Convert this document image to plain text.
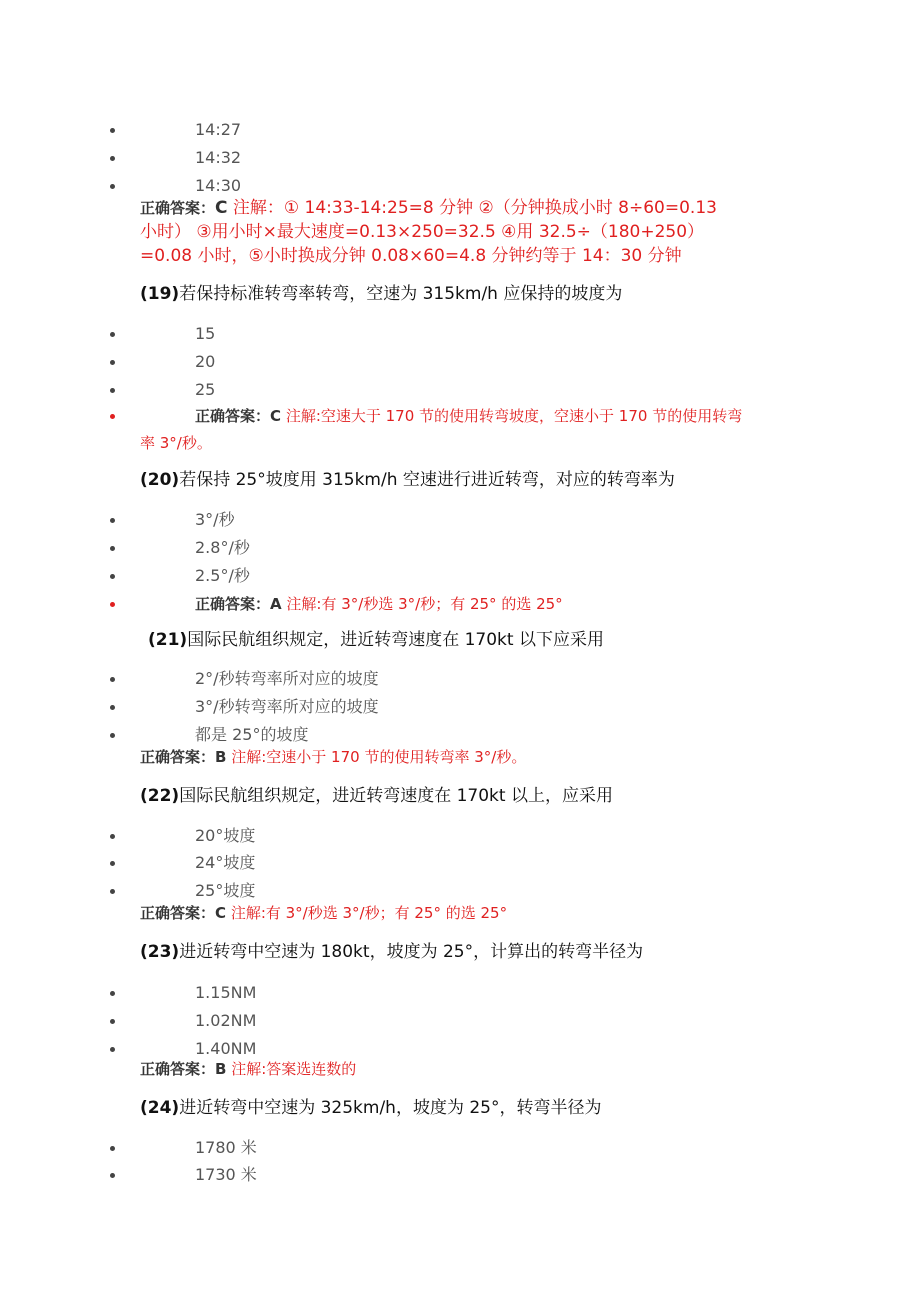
14:27
14:32
14:30
正确答案：C 注解：① 14:33-14:25=8 分钟 ②（分钟换成小时 8÷60=0.13
小时） ③用小时×最大速度=0.13×250=32.5 ④用 32.5÷（180+250）
=0.08 小时，⑤小时换成分钟 0.08×60=4.8 分钟约等于 14：30 分钟
(19)若保持标准转弯率转弯，空速为 315km/h 应保持的坡度为
15
20
25
正确答案：C 注解:空速大于 170 节的使用转弯坡度，空速小于 170 节的使用转弯
率 3°/秒。
(20)若保持 25°坡度用 315km/h 空速进行进近转弯，对应的转弯率为
3°/秒
2.8°/秒
2.5°/秒
正确答案：A 注解:有 3°/秒选 3°/秒；有 25° 的选 25°
(21)国际民航组织规定，进近转弯速度在 170kt 以下应采用
2°/秒转弯率所对应的坡度
3°/秒转弯率所对应的坡度
都是 25°的坡度
正确答案：B 注解:空速小于 170 节的使用转弯率 3°/秒。
(22)国际民航组织规定，进近转弯速度在 170kt 以上，应采用
20°坡度
24°坡度
25°坡度
正确答案：C 注解:有 3°/秒选 3°/秒；有 25° 的选 25°
(23)进近转弯中空速为 180kt，坡度为 25°，计算出的转弯半径为
1.15NM
1.02NM
1.40NM
正确答案：B 注解:答案选连数的
(24)进近转弯中空速为 325km/h，坡度为 25°，转弯半径为
1780 米
1730 米
